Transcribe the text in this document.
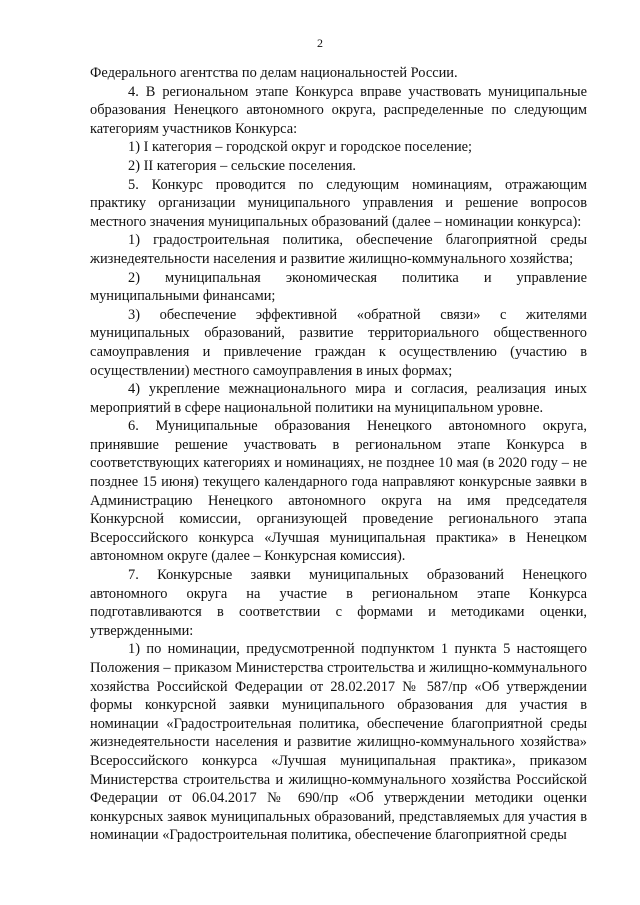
2

Федерального агентства по делам национальностей России.

4. В региональном этапе Конкурса вправе участвовать муниципальные образования Ненецкого автономного округа, распределенные по следующим категориям участников Конкурса:

1) I категория – городской округ и городское поселение;

2) II категория – сельские поселения.

5. Конкурс проводится по следующим номинациям, отражающим практику организации муниципального управления и решение вопросов местного значения муниципальных образований (далее – номинации конкурса):

1) градостроительная политика, обеспечение благоприятной среды жизнедеятельности населения и развитие жилищно-коммунального хозяйства;

2) муниципальная экономическая политика и управление муниципальными финансами;

3) обеспечение эффективной «обратной связи» с жителями муниципальных образований, развитие территориального общественного самоуправления и привлечение граждан к осуществлению (участию в осуществлении) местного самоуправления в иных формах;

4) укрепление межнационального мира и согласия, реализация иных мероприятий в сфере национальной политики на муниципальном уровне.

6. Муниципальные образования Ненецкого автономного округа, принявшие решение участвовать в региональном этапе Конкурса в соответствующих категориях и номинациях, не позднее 10 мая (в 2020 году – не позднее 15 июня) текущего календарного года направляют конкурсные заявки в Администрацию Ненецкого автономного округа на имя председателя Конкурсной комиссии, организующей проведение регионального этапа Всероссийского конкурса «Лучшая муниципальная практика» в Ненецком автономном округе (далее – Конкурсная комиссия).

7. Конкурсные заявки муниципальных образований Ненецкого автономного округа на участие в региональном этапе Конкурса подготавливаются в соответствии с формами и методиками оценки, утвержденными:

1) по номинации, предусмотренной подпунктом 1 пункта 5 настоящего Положения – приказом Министерства строительства и жилищно-коммунального хозяйства Российской Федерации от 28.02.2017 № 587/пр «Об утверждении формы конкурсной заявки муниципального образования для участия в номинации «Градостроительная политика, обеспечение благоприятной среды жизнедеятельности населения и развитие жилищно-коммунального хозяйства» Всероссийского конкурса «Лучшая муниципальная практика», приказом Министерства строительства и жилищно-коммунального хозяйства Российской Федерации от 06.04.2017 № 690/пр «Об утверждении методики оценки конкурсных заявок муниципальных образований, представляемых для участия в номинации «Градостроительная политика, обеспечение благоприятной среды
